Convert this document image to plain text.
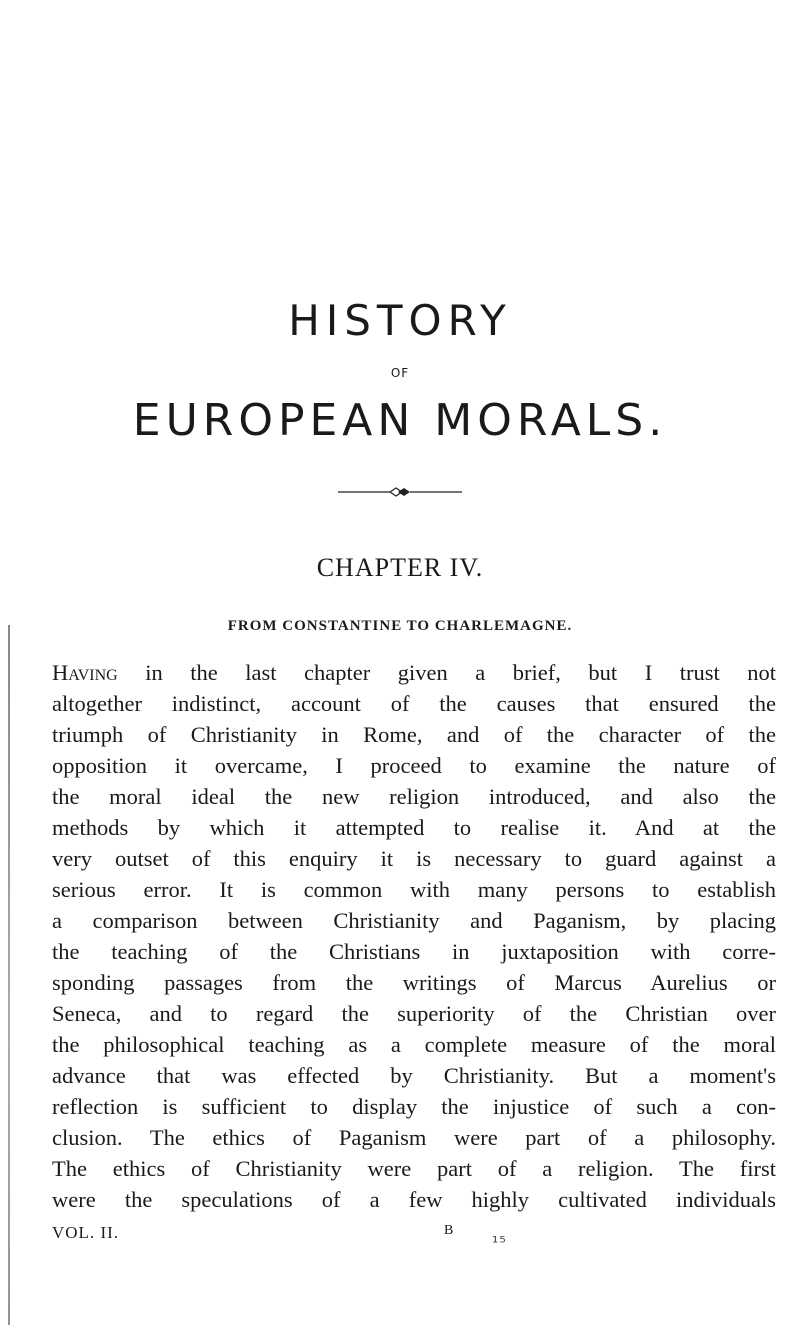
HISTORY
OF
EUROPEAN MORALS.
CHAPTER IV.
FROM CONSTANTINE TO CHARLEMAGNE.
Having in the last chapter given a brief, but I trust not
altogether indistinct, account of the causes that ensured the
triumph of Christianity in Rome, and of the character of the
opposition it overcame, I proceed to examine the nature of
the moral ideal the new religion introduced, and also the
methods by which it attempted to realise it. And at the
very outset of this enquiry it is necessary to guard against a
serious error. It is common with many persons to establish
a comparison between Christianity and Paganism, by placing
the teaching of the Christians in juxtaposition with corre-
sponding passages from the writings of Marcus Aurelius or
Seneca, and to regard the superiority of the Christian over
the philosophical teaching as a complete measure of the moral
advance that was effected by Christianity. But a moment's
reflection is sufficient to display the injustice of such a con-
clusion. The ethics of Paganism were part of a philosophy.
The ethics of Christianity were part of a religion. The first
were the speculations of a few highly cultivated individuals
VOL. II.	B
¹⁵
